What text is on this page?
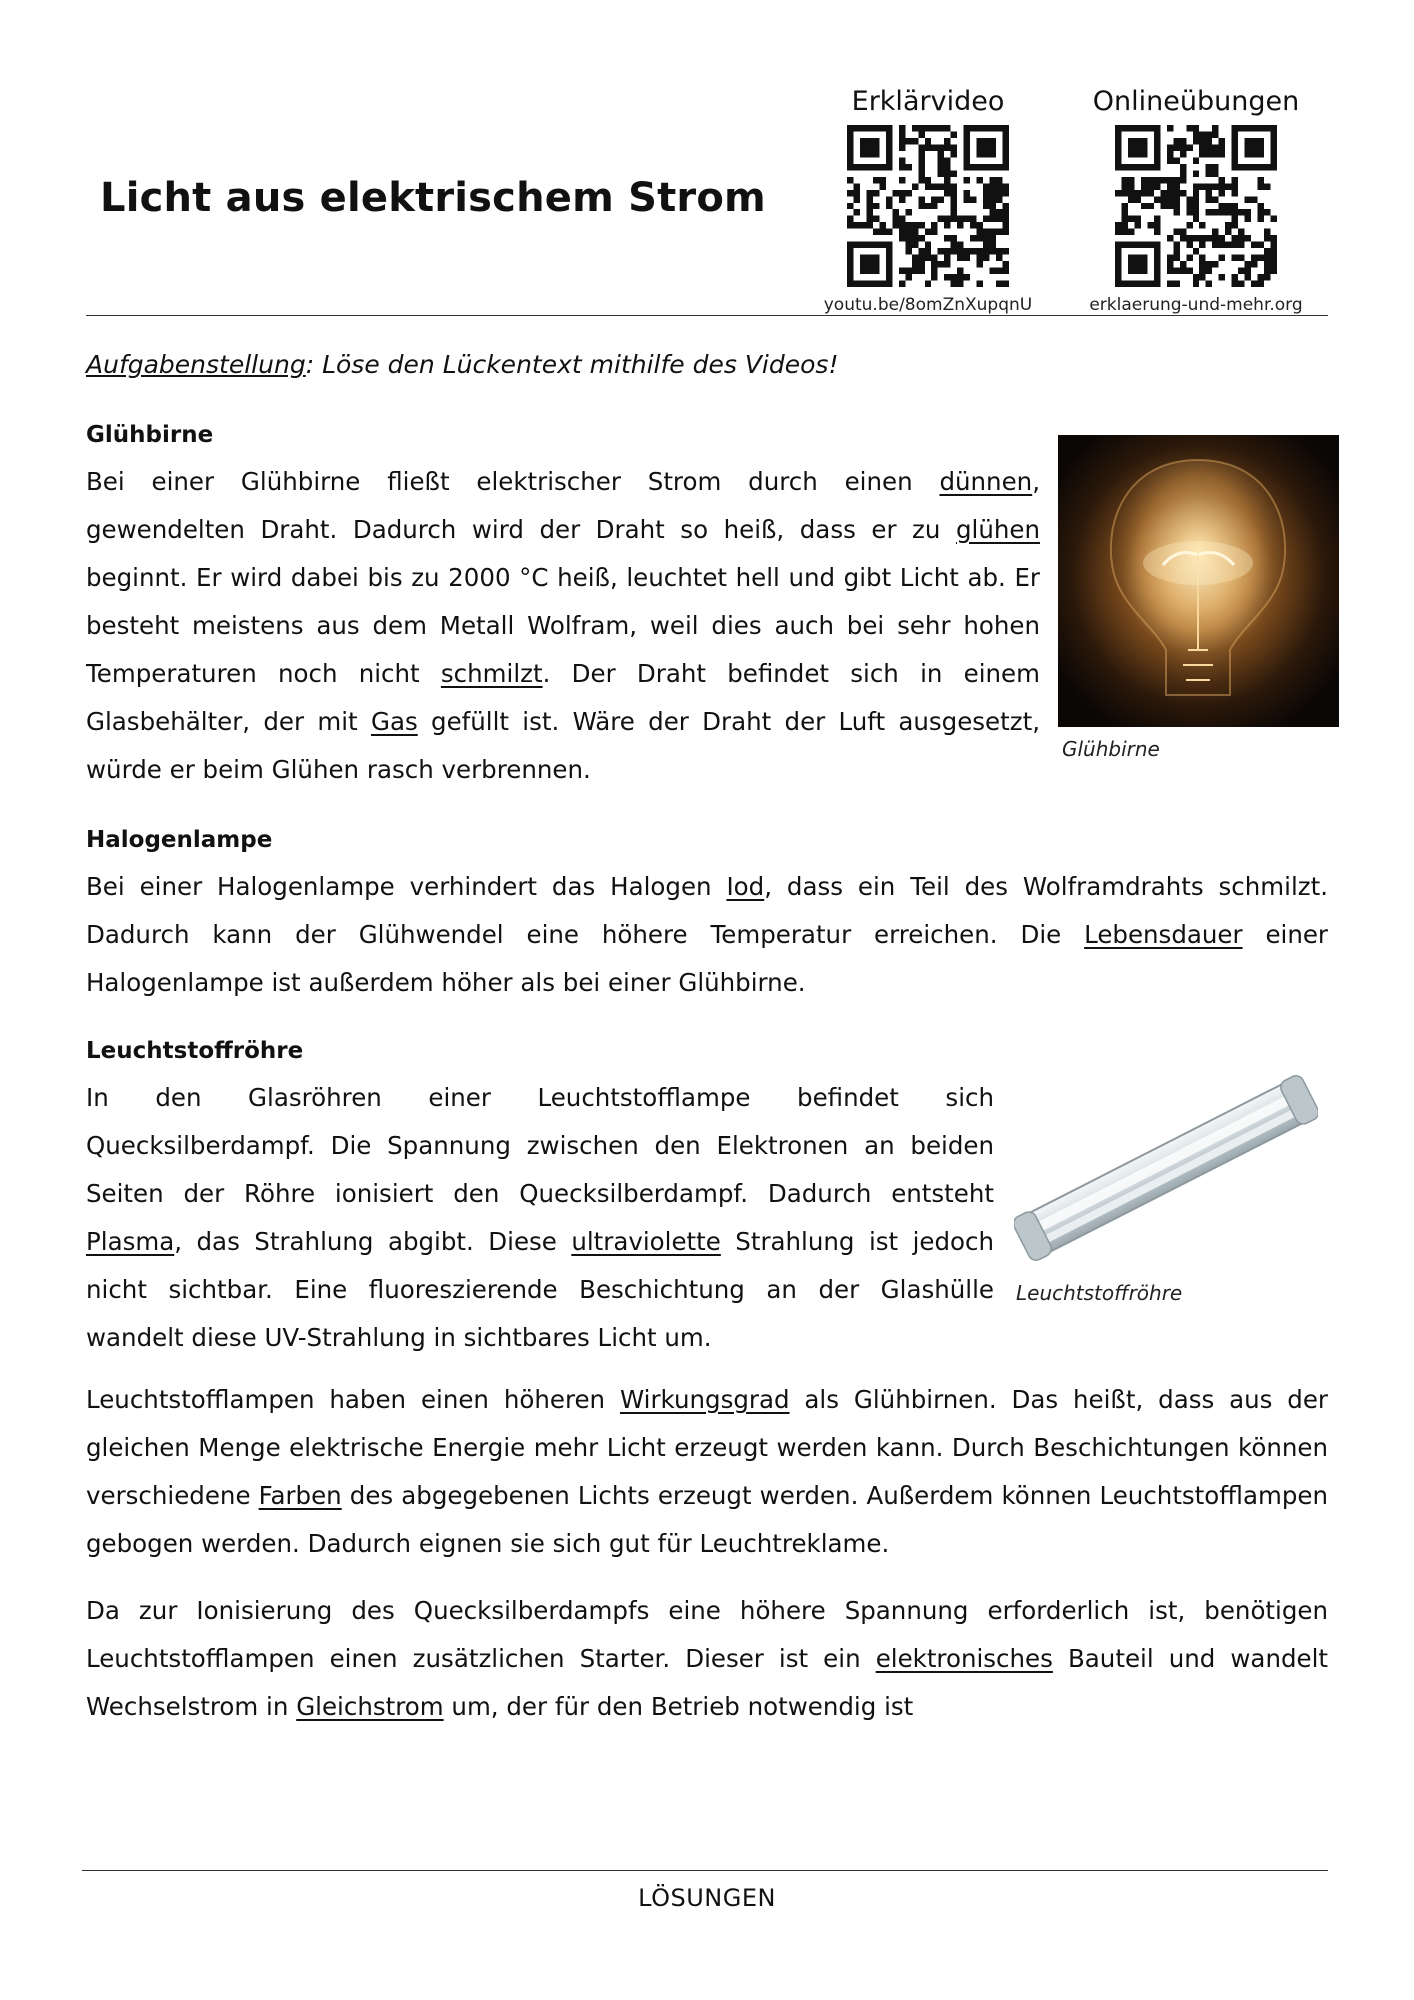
Licht aus elektrischem Strom
Erklärvideo
youtu.be/8omZnXupqnU
Onlineübungen
erklaerung-und-mehr.org

Aufgabenstellung: Löse den Lückentext mithilfe des Videos!

Glühbirne

Bei einer Glühbirne fließt elektrischer Strom durch einen dünnen, gewendelten Draht. Dadurch wird der Draht so heiß, dass er zu glühen beginnt. Er wird dabei bis zu 2000 °C heiß, leuchtet hell und gibt Licht ab. Er besteht meistens aus dem Metall Wolfram, weil dies auch bei sehr hohen Temperaturen noch nicht schmilzt. Der Draht befindet sich in einem Glasbehälter, der mit Gas gefüllt ist. Wäre der Draht der Luft ausgesetzt, würde er beim Glühen rasch verbrennen.

Glühbirne

Halogenlampe

Bei einer Halogenlampe verhindert das Halogen Iod, dass ein Teil des Wolframdrahts schmilzt. Dadurch kann der Glühwendel eine höhere Temperatur erreichen. Die Lebensdauer einer Halogenlampe ist außerdem höher als bei einer Glühbirne.

Leuchtstoffröhre

In den Glasröhren einer Leuchtstofflampe befindet sich Quecksilberdampf. Die Spannung zwischen den Elektronen an beiden Seiten der Röhre ionisiert den Quecksilberdampf. Dadurch entsteht Plasma, das Strahlung abgibt. Diese ultraviolette Strahlung ist jedoch nicht sichtbar. Eine fluoreszierende Beschichtung an der Glashülle wandelt diese UV-Strahlung in sichtbares Licht um.

Leuchtstoffröhre

Leuchtstofflampen haben einen höheren Wirkungsgrad als Glühbirnen. Das heißt, dass aus der gleichen Menge elektrische Energie mehr Licht erzeugt werden kann. Durch Beschichtungen können verschiedene Farben des abgegebenen Lichts erzeugt werden. Außerdem können Leuchtstofflampen gebogen werden. Dadurch eignen sie sich gut für Leuchtreklame.

Da zur Ionisierung des Quecksilberdampfs eine höhere Spannung erforderlich ist, benötigen Leuchtstofflampen einen zusätzlichen Starter. Dieser ist ein elektronisches Bauteil und wandelt Wechselstrom in Gleichstrom um, der für den Betrieb notwendig ist

LÖSUNGEN
